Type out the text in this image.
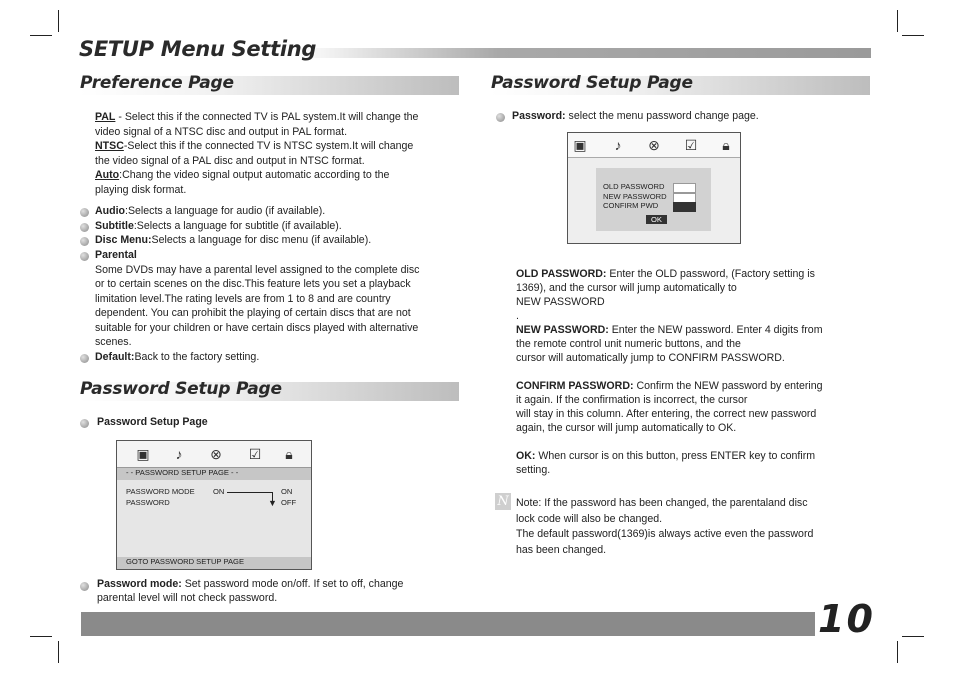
SETUP Menu Setting
Preference Page
PAL - Select this if the connected TV is PAL system.It will change the
video signal of a NTSC disc and output in PAL format.
NTSC-Select this if the connected TV is NTSC system.It will change
the video signal of a PAL disc and output in NTSC format.
Auto:Chang the video signal output automatic according to the
playing disk format.
Audio:Selects a language for audio (if available).
Subtitle:Selects a language for subtitle (if available).
Disc Menu:Selects a language for disc menu (if available).
Parental
Some DVDs may have a parental level assigned to the complete disc
or to certain scenes on the disc.This feature lets you set a playback
limitation level.The rating levels are from 1 to 8 and are country
dependent. You can prohibit the playing of certain discs that are not
suitable for your children or have certain discs played with alternative
scenes.
Default:Back to the factory setting.
Password Setup Page
Password Setup Page
▣	♪	⊗ ☑	🔒︎
- - PASSWORD SETUP PAGE - -
PASSWORD MODE ON
▼
ON
PASSWORD	OFF
GOTO PASSWORD SETUP PAGE
Password mode: Set password mode on/off. If set to off, change
parental level will not check password.
Password Setup Page
Password: select the menu password change page.
▣	♪	⊗ ☑	🔒︎
OLD PASSWORD
NEW PASSWORD
CONFIRM PWD
OK
OLD PASSWORD: Enter the OLD password, (Factory setting is
1369), and the cursor will jump automatically to
NEW PASSWORD
.
NEW PASSWORD: Enter the NEW password. Enter 4 digits from
the remote control unit numeric buttons, and the
cursor will automatically jump to CONFIRM PASSWORD.
CONFIRM PASSWORD: Confirm the NEW password by entering
it again. If the confirmation is incorrect, the cursor
will stay in this column. After entering, the correct new password
again, the cursor will jump automatically to OK.
OK: When cursor is on this button, press ENTER key to confirm
setting.
N Note: If the password has been changed, the parentaland disc
lock code will also be changed.
The default password(1369)is always active even the password
has been changed.
10
